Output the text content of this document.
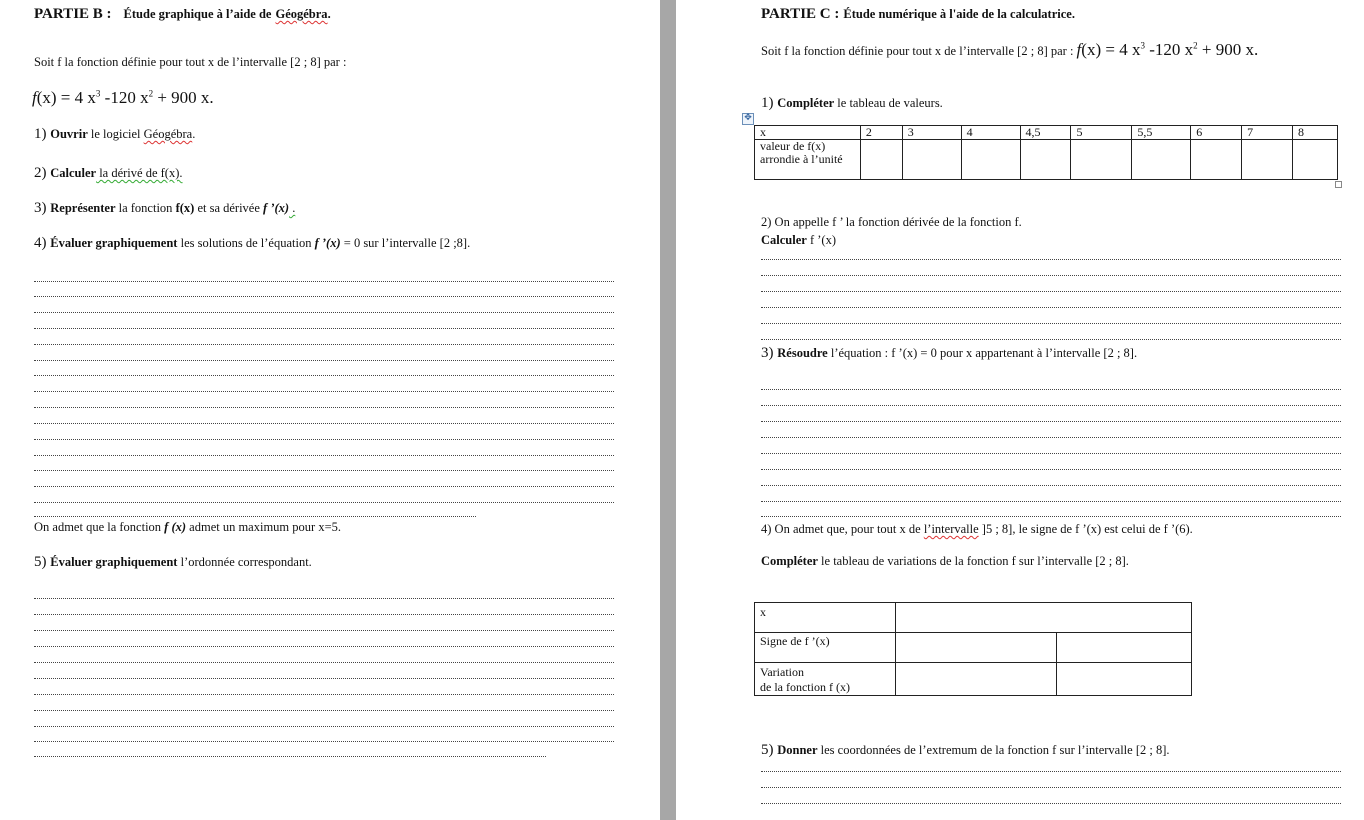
PARTIE B : Étude graphique à l’aide de Géogébra.
Soit f la fonction définie pour tout x de l’intervalle [2 ; 8] par :
f(x) = 4 $x^3$ -120 $x^2 + 900$ x.
1) Ouvrir le logiciel Géogébra.
2) Calculer la dérivé de f(x).
3) Représenter la fonction f(x) et sa dérivée f ’(x) .
4) Évaluer graphiquement les solutions de l’équation f ’(x) = 0 sur l’intervalle [2 ;8].
On admet que la fonction f (x) admet un maximum pour x=5.
5) Évaluer graphiquement l’ordonnée correspondant.
PARTIE C : Étude numérique à l'aide de la calculatrice.
Soit f la fonction définie pour tout x de l’intervalle [2 ; 8] par : f(x) = 4 $x^3$ -120 $x^2 + 900$ x.
1) Compléter le tableau de valeurs.
✥
x	2	3	4	4,5	5	5,5	6	7	8
valeur de f(x)
arrondie à l’unité									
2) On appelle f ’ la fonction dérivée de la fonction f.
Calculer f ’(x)
3) Résoudre l’équation : f ’(x) = 0 pour x appartenant à l’intervalle [2 ; 8].
4) On admet que, pour tout x de l’intervalle ]5 ; 8], le signe de f ’(x) est celui de f ’(6).
Compléter le tableau de variations de la fonction f sur l’intervalle [2 ; 8].
x		
Signe de f ’(x)		
Variation
de la fonction f (x)		
5) Donner les coordonnées de l’extremum de la fonction f sur l’intervalle [2 ; 8].
